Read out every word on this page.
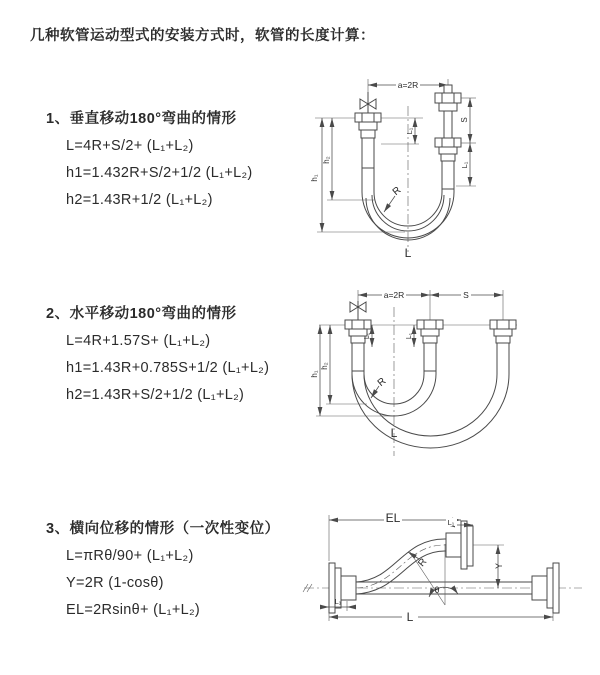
几种软管运动型式的安装方式时，软管的长度计算：
1、垂直移动180°弯曲的情形
L=4R+S/2+ (L₁+L₂)
h1=1.432R+S/2+1/2 (L₁+L₂)
h2=1.43R+1/2 (L₁+L₂)
2、水平移动180°弯曲的情形
L=4R+1.57S+ (L₁+L₂)
h1=1.43R+0.785S+1/2 (L₁+L₂)
h2=1.43R+S/2+1/2 (L₁+L₂)
3、横向位移的情形（一次性变位）
L=πRθ/90+ (L₁+L₂)
Y=2R (1-cosθ)
EL=2Rsinθ+ (L₁+L₂)
a=2R
h₁
h₂
L₁
S
L₁
R
L
a=2R	S
h₁
h₂
L₁	L₁
R
L
EL	L₁
Y
θ
R
L
L₁
